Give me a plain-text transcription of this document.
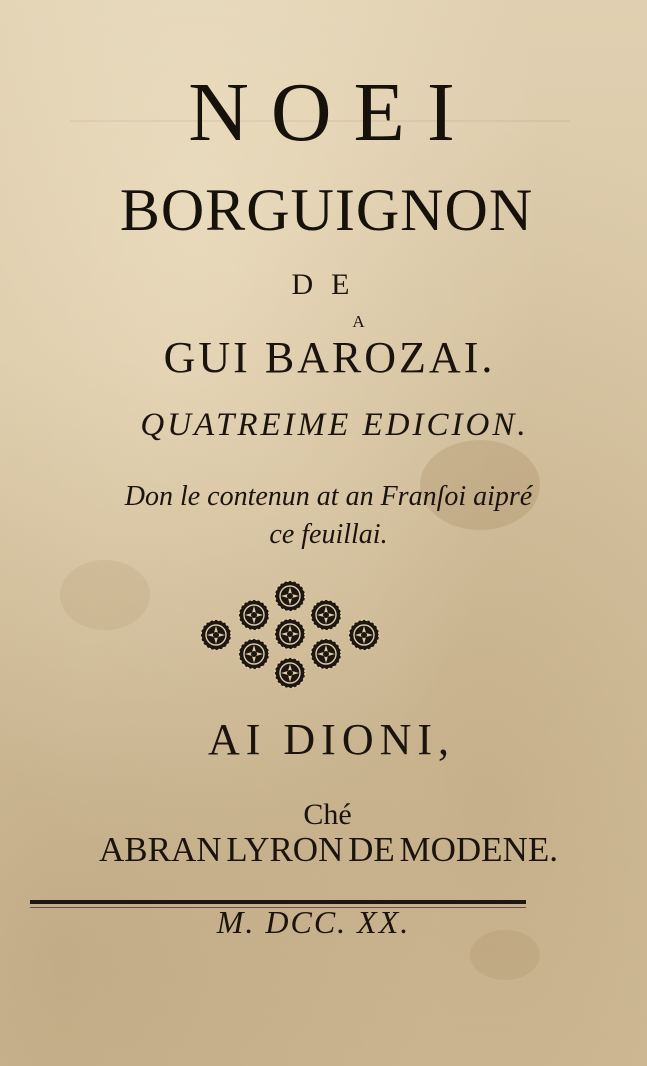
NOEI
BORGUIGNON
DE
A
GUI BAROZAI.
QUATREIME EDICION.
Don le contenun at an Franſoi aipré
ce feuillai.
AI DIONI,
Ché
ABRAN LYRON DE MODENE.
M. DCC. XX.
